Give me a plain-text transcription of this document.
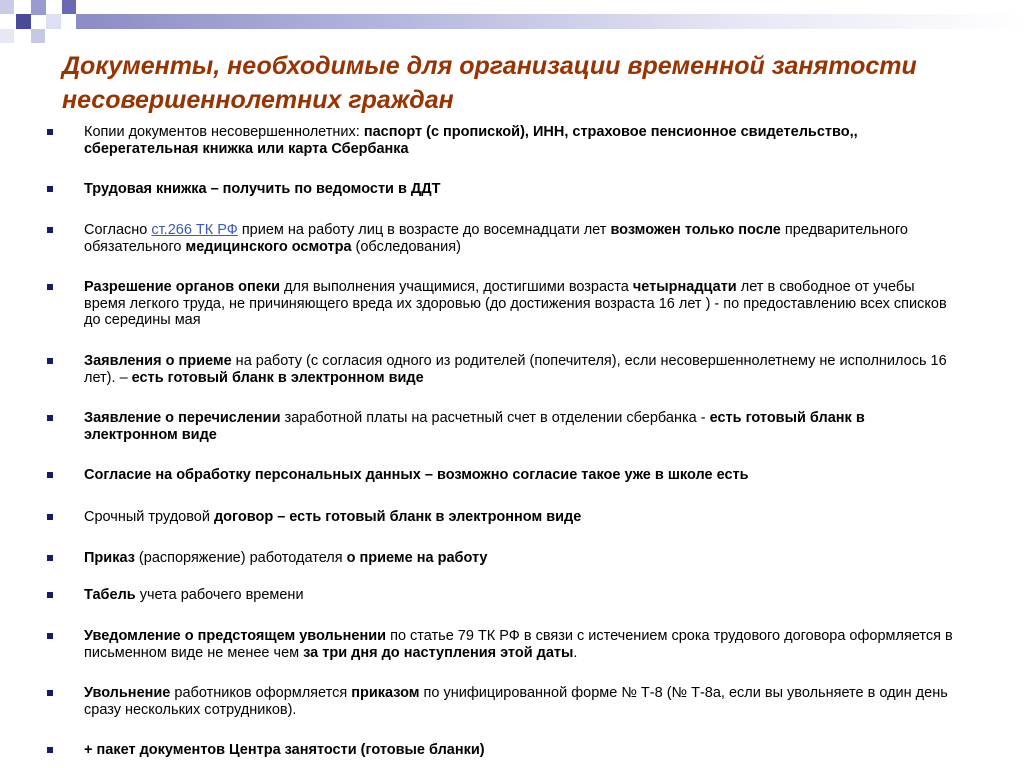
Документы, необходимые для организации временной занятости несовершеннолетних граждан
Копии документов несовершеннолетних: паспорт (с пропиской), ИНН, страховое пенсионное свидетельство,, сберегательная книжка или карта Сбербанка
Трудовая книжка – получить по ведомости в ДДТ
Согласно ст.266 ТК РФ прием на работу лиц в возрасте до восемнадцати лет возможен только после предварительного обязательного медицинского осмотра (обследования)
Разрешение органов опеки для выполнения учащимися, достигшими возраста четырнадцати лет в свободное от учебы время легкого труда, не причиняющего вреда их здоровью (до достижения возраста 16 лет ) - по предоставлению всех списков до середины мая
Заявления о приеме на работу (с согласия одного из родителей (попечителя), если несовершеннолетнему не исполнилось 16 лет). – есть готовый бланк в электронном виде
Заявление о перечислении заработной платы на расчетный счет в отделении сбербанка - есть готовый бланк в электронном виде
Согласие на обработку персональных данных – возможно согласие такое уже в школе есть
Срочный трудовой договор – есть готовый бланк в электронном виде
Приказ (распоряжение) работодателя о приеме на работу
Табель учета рабочего времени
Уведомление о предстоящем увольнении по статье 79 ТК РФ в связи с истечением срока трудового договора оформляется в письменном виде не менее чем за три дня до наступления этой даты.
Увольнение работников оформляется приказом по унифицированной форме № Т-8 (№ Т-8а, если вы увольняете в один день сразу нескольких сотрудников).
+ пакет документов Центра занятости (готовые бланки)
